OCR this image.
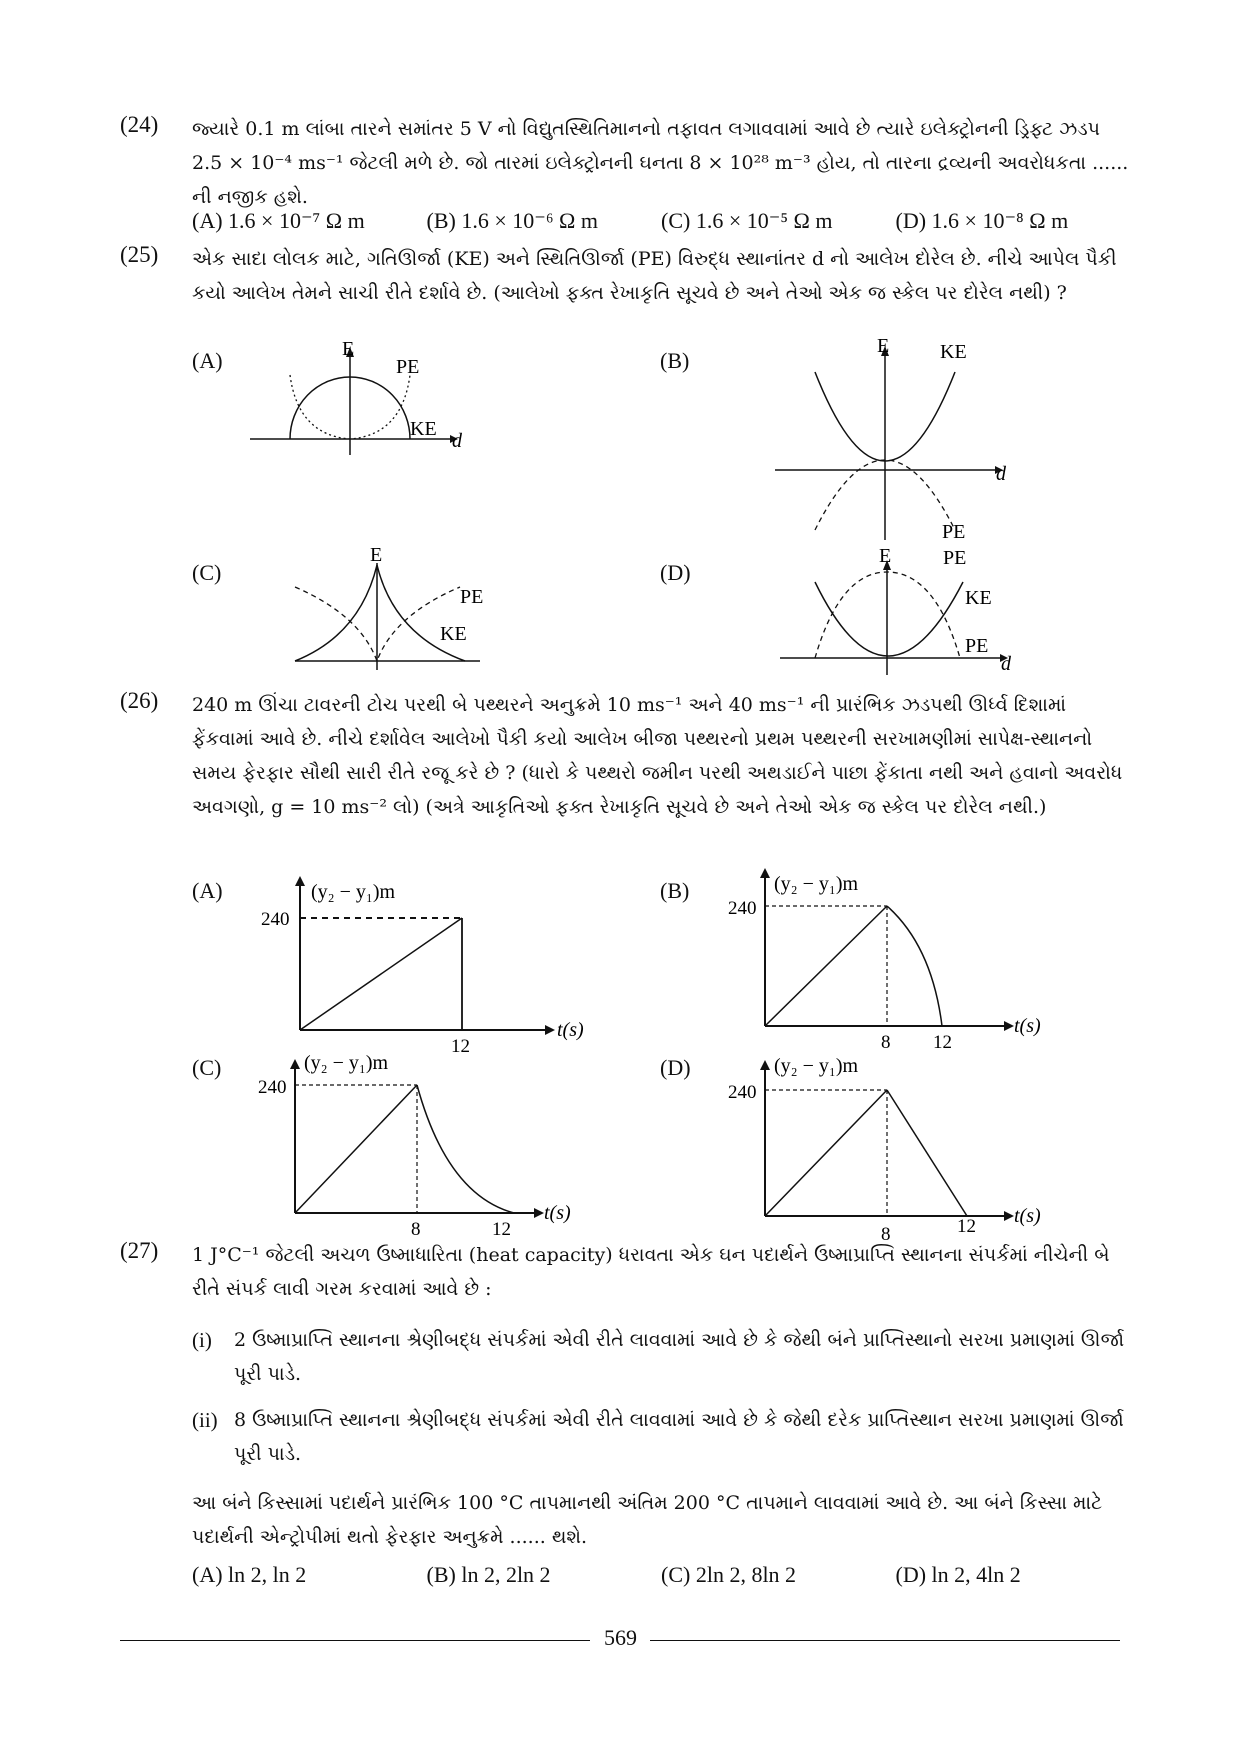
(24) જ્યારે 0.1 m લાંબા તારને સમાંતર 5 V નો વિદ્યુતસ્થિતિમાનનો તફાવત લગાવવામાં આવે છે ત્યારે ઇલેક્ટ્રોનની ડ્રિફ્ટ ઝડપ 2.5 × 10⁻⁴ ms⁻¹ જેટલી મળે છે. જો તારમાં ઇલેક્ટ્રોનની ઘનતા 8 × 10²⁸ m⁻³ હોય, તો તારના દ્રવ્યની અવરોધકતા ...... ની નજીક હશે.
(A) 1.6 × 10⁻⁷ Ω m	(B) 1.6 × 10⁻⁶ Ω m	(C) 1.6 × 10⁻⁵ Ω m	(D) 1.6 × 10⁻⁸ Ω m
(25) એક સાદા લોલક માટે, ગતિઊર્જા (KE) અને સ્થિતિઊર્જા (PE) વિરુદ્ધ સ્થાનાંતર d નો આલેખ દોરેલ છે. નીચે આપેલ પૈકી કયો આલેખ તેમને સાચી રીતે દર્શાવે છે. (આલેખો ફક્ત રેખાકૃતિ સૂચવે છે અને તેઓ એક જ સ્કેલ પર દોરેલ નથી) ?
(A)	E
PE
KE
d
(B)
E	KE
d
PE
(C)
E
PE
KE
(D)
E	PE
KE
PE
d
(26) 240 m ઊંચા ટાવરની ટોચ પરથી બે પથ્થરને અનુક્રમે 10 ms⁻¹ અને 40 ms⁻¹ ની પ્રારંભિક ઝડપથી ઊર્ધ્વ દિશામાં ફેંકવામાં આવે છે. નીચે દર્શાવેલ આલેખો પૈકી કયો આલેખ બીજા પથ્થરનો પ્રથમ પથ્થરની સરખામણીમાં સાપેક્ષ-સ્થાનનો સમય ફેરફાર સૌથી સારી રીતે રજૂ કરે છે ? (ધારો કે પથ્થરો જમીન પરથી અથડાઈને પાછા ફેંકાતા નથી અને હવાનો અવરોધ અવગણો, g = 10 ms⁻² લો) (અત્રે આકૃતિઓ ફક્ત રેખાકૃતિ સૂચવે છે અને તેઓ એક જ સ્કેલ પર દોરેલ નથી.)
(A)	(y₂ − y₁)m
240
12
t(s)
(B)	(y₂ − y₁)m
240
8 12
t(s)
(C)	(y₂ − y₁)m
240
8	12
t(s)
(D)	(y₂ − y₁)m
240
8	12 t(s)
(27) 1 J°C⁻¹ જેટલી અચળ ઉષ્માધારિતા (heat capacity) ધરાવતા એક ઘન પદાર્થને ઉષ્માપ્રાપ્તિ સ્થાનના સંપર્કમાં નીચેની બે રીતે સંપર્ક લાવી ગરમ કરવામાં આવે છે :
(i) 2 ઉષ્માપ્રાપ્તિ સ્થાનના શ્રેણીબદ્ધ સંપર્કમાં એવી રીતે લાવવામાં આવે છે કે જેથી બંને પ્રાપ્તિસ્થાનો સરખા પ્રમાણમાં ઊર્જા પૂરી પાડે.
(ii) 8 ઉષ્માપ્રાપ્તિ સ્થાનના શ્રેણીબદ્ધ સંપર્કમાં એવી રીતે લાવવામાં આવે છે કે જેથી દરેક પ્રાપ્તિસ્થાન સરખા પ્રમાણમાં ઊર્જા પૂરી પાડે.
આ બંને કિસ્સામાં પદાર્થને પ્રારંભિક 100 °C તાપમાનથી અંતિમ 200 °C તાપમાને લાવવામાં આવે છે. આ બંને કિસ્સા માટે પદાર્થની એન્ટ્રોપીમાં થતો ફેરફાર અનુક્રમે ...... થશે.
(A) ln 2, ln 2	(B) ln 2, 2ln 2	(C) 2ln 2, 8ln 2	(D) ln 2, 4ln 2
569
